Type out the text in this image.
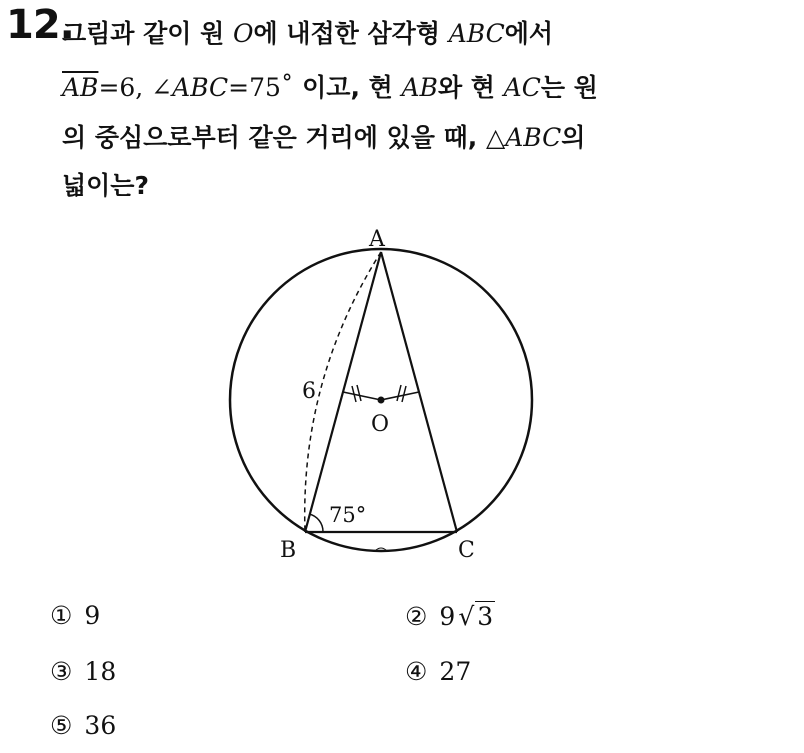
12.
그림과 같이 원 O에 내접한 삼각형 ABC에서
$\overline{AB}=6$, ∠ABC=75˚ 이고, 현 AB와 현 AC는 원
의 중심으로부터 같은 거리에 있을 때, △ABC의
넓이는?
A
B	C
O
6
75°
① 9	② 9 √ 3
③ 18	④ 27
⑤ 36
